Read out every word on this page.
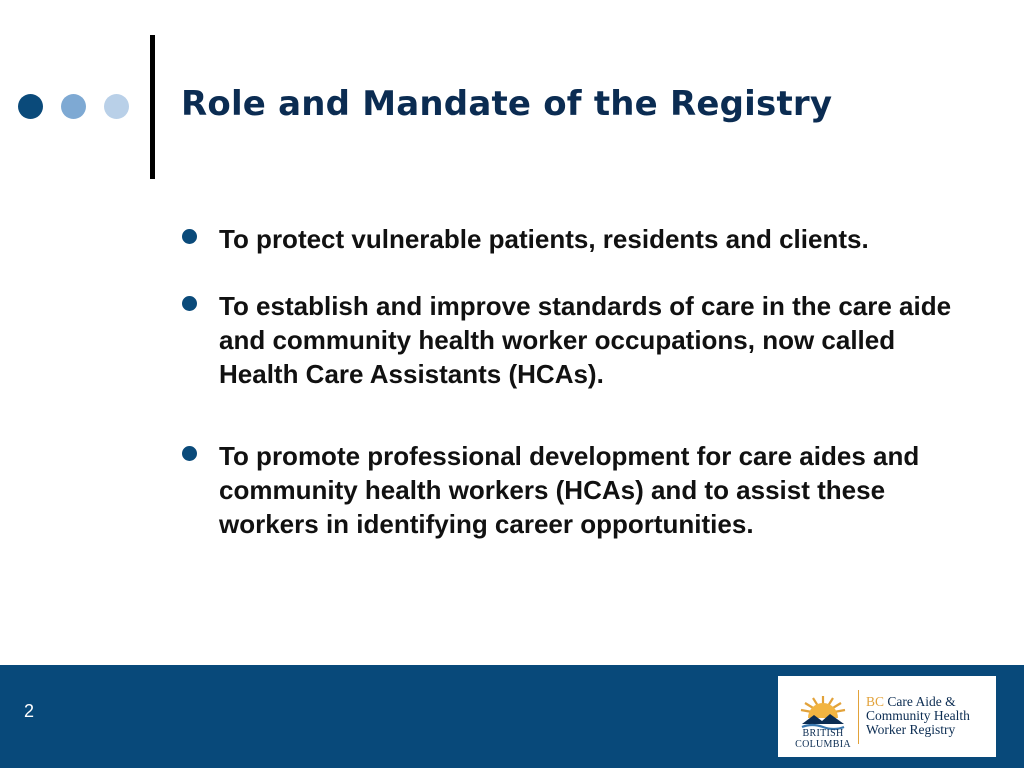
Role and Mandate of the Registry
To protect vulnerable patients, residents and clients.
To establish and improve standards of care in the care aide and community health worker occupations, now called Health Care Assistants (HCAs).
To promote professional development for care aides and community health workers (HCAs) and to assist these workers in identifying career opportunities.
2
BRITISH
COLUMBIA
BC Care Aide &
Community Health
Worker Registry
